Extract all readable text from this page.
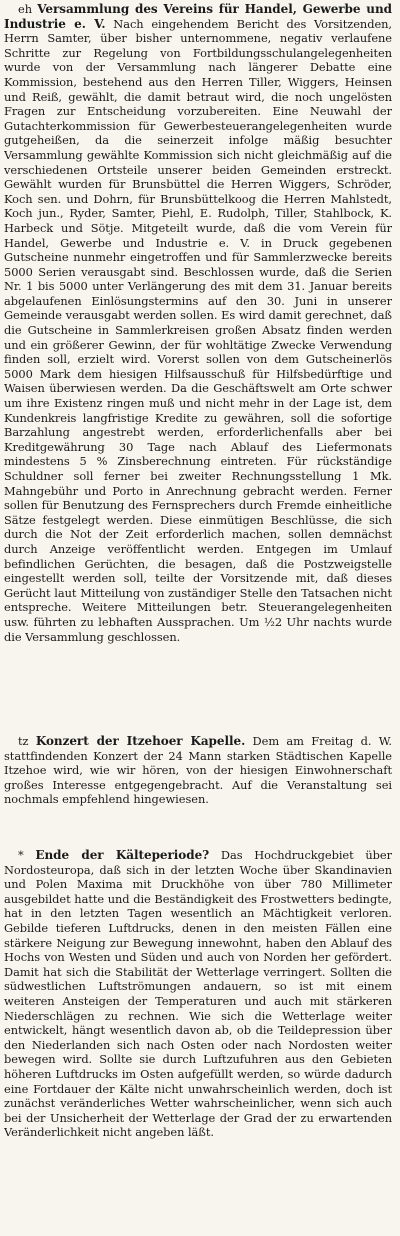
eh Versammlung des Vereins für Handel, Gewerbe und Industrie e. V. Nach eingehendem Bericht des Vorsitzenden, Herrn Samter, über bisher unternommene, negativ verlaufene Schritte zur Regelung von Fortbildungsschulangelegenheiten wurde von der Versammlung nach längerer Debatte eine Kommission, bestehend aus den Herren Tiller, Wiggers, Heinsen und Reiß, gewählt, die damit betraut wird, die noch ungelösten Fragen zur Entscheidung vorzubereiten. Eine Neuwahl der Gutachterkommission für Gewerbesteuerangelegenheiten wurde gutgeheißen, da die seinerzeit infolge mäßig besuchter Versammlung gewählte Kommission sich nicht gleichmäßig auf die verschiedenen Ortsteile unserer beiden Gemeinden erstreckt. Gewählt wurden für Brunsbüttel die Herren Wiggers, Schröder, Koch sen. und Dohrn, für Brunsbüttelkoog die Herren Mahlstedt, Koch jun., Ryder, Samter, Piehl, E. Rudolph, Tiller, Stahlbock, K. Harbeck und Sötje. Mitgeteilt wurde, daß die vom Verein für Handel, Gewerbe und Industrie e. V. in Druck gegebenen Gutscheine nunmehr eingetroffen und für Sammlerzwecke bereits 5000 Serien verausgabt sind. Beschlossen wurde, daß die Serien Nr. 1 bis 5000 unter Verlängerung des mit dem 31. Januar bereits abgelaufenen Einlösungstermins auf den 30. Juni in unserer Gemeinde verausgabt werden sollen. Es wird damit gerechnet, daß die Gutscheine in Sammlerkreisen großen Absatz finden werden und ein größerer Gewinn, der für wohltätige Zwecke Verwendung finden soll, erzielt wird. Vorerst sollen von dem Gutscheinerlös 5000 Mark dem hiesigen Hilfsausschuß für Hilfsbedürftige und Waisen überwiesen werden. Da die Geschäftswelt am Orte schwer um ihre Existenz ringen muß und nicht mehr in der Lage ist, dem Kundenkreis langfristige Kredite zu gewähren, soll die sofortige Barzahlung angestrebt werden, erforderlichenfalls aber bei Kreditgewährung 30 Tage nach Ablauf des Liefermonats mindestens 5 % Zinsberechnung eintreten. Für rückständige Schuldner soll ferner bei zweiter Rechnungsstellung 1 Mk. Mahngebühr und Porto in Anrechnung gebracht werden. Ferner sollen für Benutzung des Fernsprechers durch Fremde einheitliche Sätze festgelegt werden. Diese einmütigen Beschlüsse, die sich durch die Not der Zeit erforderlich machen, sollen demnächst durch Anzeige veröffentlicht werden. Entgegen im Umlauf befindlichen Gerüchten, die besagen, daß die Postzweigstelle eingestellt werden soll, teilte der Vorsitzende mit, daß dieses Gerücht laut Mitteilung von zuständiger Stelle den Tatsachen nicht entspreche. Weitere Mitteilungen betr. Steuerangelegenheiten usw. führten zu lebhaften Aussprachen. Um ½2 Uhr nachts wurde die Versammlung geschlossen.

tz Konzert der Itzehoer Kapelle. Dem am Freitag d. W. stattfindenden Konzert der 24 Mann starken Städtischen Kapelle Itzehoe wird, wie wir hören, von der hiesigen Einwohnerschaft großes Interesse entgegengebracht. Auf die Veranstaltung sei nochmals empfehlend hingewiesen.

* Ende der Kälteperiode? Das Hochdruckgebiet über Nordosteuropa, daß sich in der letzten Woche über Skandinavien und Polen Maxima mit Druckhöhe von über 780 Millimeter ausgebildet hatte und die Beständigkeit des Frostwetters bedingte, hat in den letzten Tagen wesentlich an Mächtigkeit verloren. Gebilde tieferen Luftdrucks, denen in den meisten Fällen eine stärkere Neigung zur Bewegung innewohnt, haben den Ablauf des Hochs von Westen und Süden und auch von Norden her gefördert. Damit hat sich die Stabilität der Wetterlage verringert. Sollten die südwestlichen Luftströmungen andauern, so ist mit einem weiteren Ansteigen der Temperaturen und auch mit stärkeren Niederschlägen zu rechnen. Wie sich die Wetterlage weiter entwickelt, hängt wesentlich davon ab, ob die Teildepression über den Niederlanden sich nach Osten oder nach Nordosten weiter bewegen wird. Sollte sie durch Luftzufuhren aus den Gebieten höheren Luftdrucks im Osten aufgefüllt werden, so würde dadurch eine Fortdauer der Kälte nicht unwahrscheinlich werden, doch ist zunächst veränderliches Wetter wahrscheinlicher, wenn sich auch bei der Unsicherheit der Wetterlage der Grad der zu erwartenden Veränderlichkeit nicht angeben läßt.
